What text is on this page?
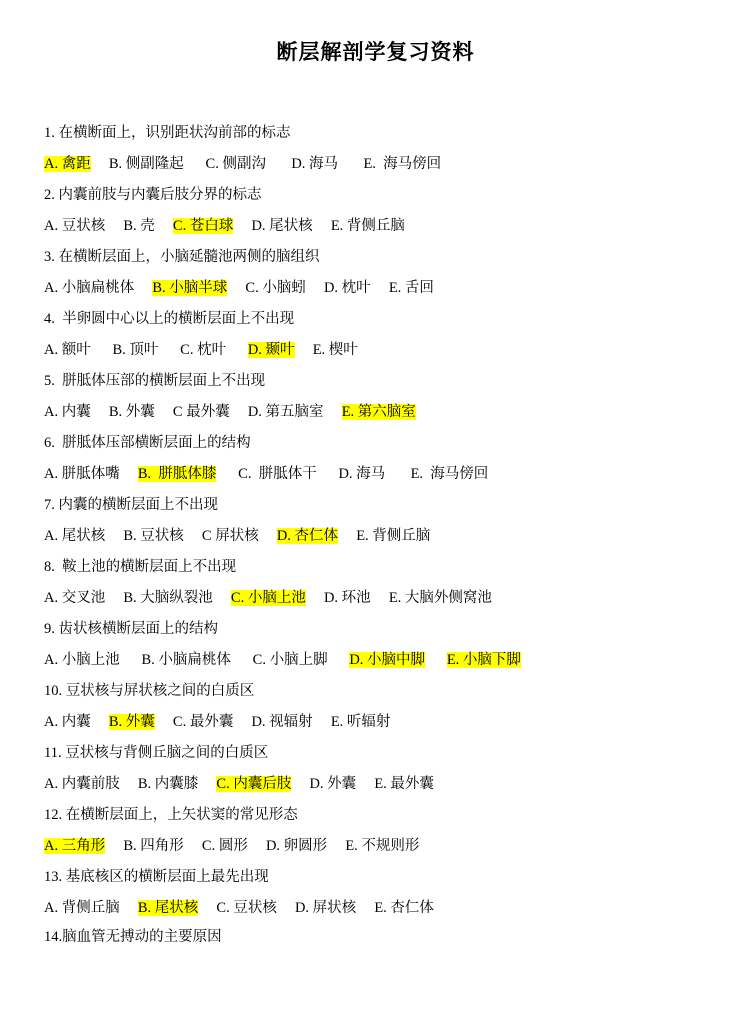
断层解剖学复习资料
1. 在横断面上，识别距状沟前部的标志
A. 禽距 B. 侧副隆起 C. 侧副沟 D. 海马 E.  海马傍回
2. 内囊前肢与内囊后肢分界的标志
A. 豆状核 B. 壳 C. 苍白球 D. 尾状核 E. 背侧丘脑
3. 在横断层面上，小脑延髓池两侧的脑组织
A. 小脑扁桃体 B. 小脑半球 C. 小脑蚓 D. 枕叶 E. 舌回
4.  半卵圆中心以上的横断层面上不出现
A. 额叶 B. 顶叶 C. 枕叶 D. 颞叶 E. 楔叶
5.  胼胝体压部的横断层面上不出现
A. 内囊 B. 外囊 C 最外囊 D. 第五脑室 E. 第六脑室
6.  胼胝体压部横断层面上的结构
A. 胼胝体嘴 B.  胼胝体膝 C.  胼胝体干 D. 海马 E.  海马傍回
7. 内囊的横断层面上不出现
A. 尾状核 B. 豆状核 C 屏状核 D. 杏仁体 E. 背侧丘脑
8.  鞍上池的横断层面上不出现
A. 交叉池 B. 大脑纵裂池 C. 小脑上池 D. 环池 E. 大脑外侧窝池
9. 齿状核横断层面上的结构
A. 小脑上池 B. 小脑扁桃体 C. 小脑上脚 D. 小脑中脚 E. 小脑下脚
10. 豆状核与屏状核之间的白质区
A. 内囊 B. 外囊 C. 最外囊 D. 视辐射 E. 听辐射
11. 豆状核与背侧丘脑之间的白质区
A. 内囊前肢 B. 内囊膝 C. 内囊后肢 D. 外囊 E. 最外囊
12. 在横断层面上，上矢状窦的常见形态
A. 三角形 B. 四角形 C. 圆形 D. 卵圆形 E. 不规则形
13. 基底核区的横断层面上最先出现
A. 背侧丘脑 B. 尾状核 C. 豆状核 D. 屏状核 E. 杏仁体
14.脑血管无搏动的主要原因
